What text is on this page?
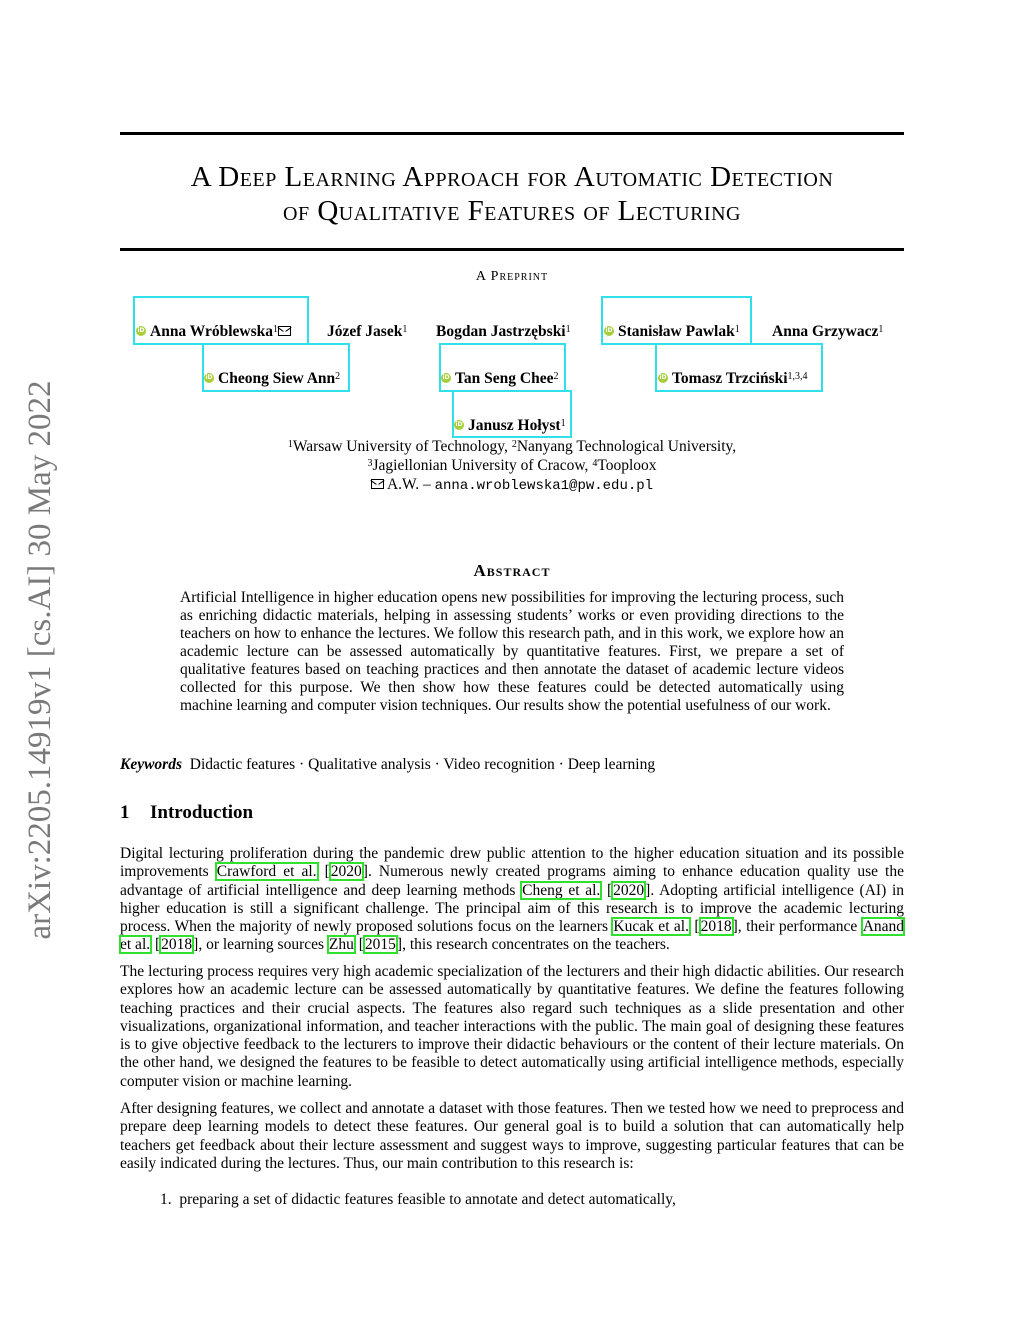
arXiv:2205.14919v1 [cs.AI] 30 May 2022
A Deep Learning Approach for Automatic Detection
of Qualitative Features of Lecturing
A Preprint
iD Anna Wróblewska$^1$	Józef Jasek$^1$ Bogdan Jastrzębski$^1$	iD Stanisław Pawlak$^1$ Anna Grzywacz$^1$
iD Cheong Siew Ann$^2$	iD Tan Seng Chee$^2$	iD Tomasz Trzciński$^{1,3,4}$
iD Janusz Hołyst$^1$
$^1$Warsaw University of Technology, $^2$Nanyang Technological University,
$^3$Jagiellonian University of Cracow, $^4$Tooploox
A.W. – anna.wroblewska1@pw.edu.pl
Abstract
Artificial Intelligence in higher education opens new possibilities for improving the lecturing process, such as enriching didactic materials, helping in assessing students’ works or even providing directions to the teachers on how to enhance the lectures. We follow this research path, and in this work, we explore how an academic lecture can be assessed automatically by quantitative features. First, we prepare a set of qualitative features based on teaching practices and then annotate the dataset of academic lecture videos collected for this purpose. We then show how these features could be detected automatically using machine learning and computer vision techniques. Our results show the potential usefulness of our work.
Keywords Didactic features · Qualitative analysis · Video recognition · Deep learning
1 Introduction
Digital lecturing proliferation during the pandemic drew public attention to the higher education situation and its possible improvements Crawford et al. [2020]. Numerous newly created programs aiming to enhance education quality use the advantage of artificial intelligence and deep learning methods Cheng et al. [2020]. Adopting artificial intelligence (AI) in higher education is still a significant challenge. The principal aim of this research is to improve the academic lecturing process. When the majority of newly proposed solutions focus on the learners Kucak et al. [2018], their performance Anand et al. [2018], or learning sources Zhu [2015], this research concentrates on the teachers.
The lecturing process requires very high academic specialization of the lecturers and their high didactic abilities. Our research explores how an academic lecture can be assessed automatically by quantitative features. We define the features following teaching practices and their crucial aspects. The features also regard such techniques as a slide presentation and other visualizations, organizational information, and teacher interactions with the public. The main goal of designing these features is to give objective feedback to the lecturers to improve their didactic behaviours or the content of their lecture materials. On the other hand, we designed the features to be feasible to detect automatically using artificial intelligence methods, especially computer vision or machine learning.
After designing features, we collect and annotate a dataset with those features. Then we tested how we need to preprocess and prepare deep learning models to detect these features. Our general goal is to build a solution that can automatically help teachers get feedback about their lecture assessment and suggest ways to improve, suggesting particular features that can be easily indicated during the lectures. Thus, our main contribution to this research is:
1. preparing a set of didactic features feasible to annotate and detect automatically,
